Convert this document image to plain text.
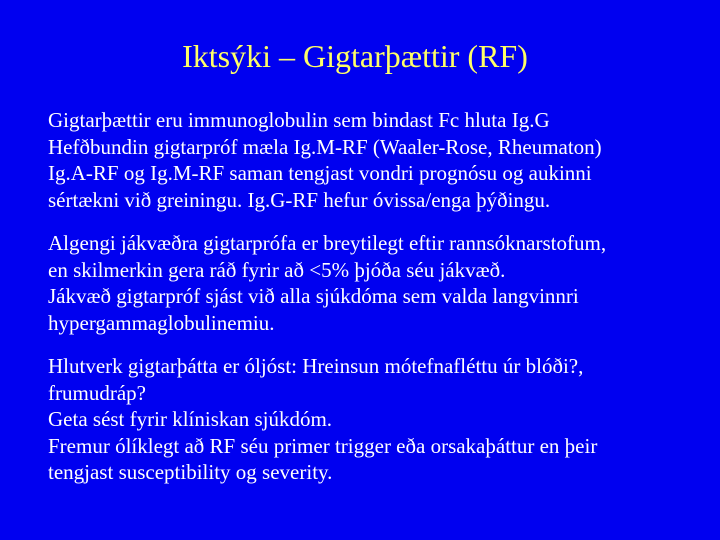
Iktsýki – Gigtarþættir (RF)
Gigtarþættir eru immunoglobulin sem bindast Fc hluta Ig.G
Hefðbundin gigtarpróf mæla Ig.M-RF (Waaler-Rose, Rheumaton)
Ig.A-RF og Ig.M-RF saman tengjast vondri prognósu og aukinni
sértækni við greiningu. Ig.G-RF hefur óvissa/enga þýðingu.
Algengi jákvæðra gigtarprófa er breytilegt eftir rannsóknarstofum,
en skilmerkin gera ráð fyrir að <5% þjóða séu jákvæð.
Jákvæð gigtarpróf sjást við alla sjúkdóma sem valda langvinnri
hypergammaglobulinemiu.
Hlutverk gigtarþátta er óljóst: Hreinsun mótefnafléttu úr blóði?,
frumudráp?
Geta sést fyrir klíniskan sjúkdóm.
Fremur ólíklegt að RF séu primer trigger eða orsakaþáttur en þeir
tengjast susceptibility og severity.
